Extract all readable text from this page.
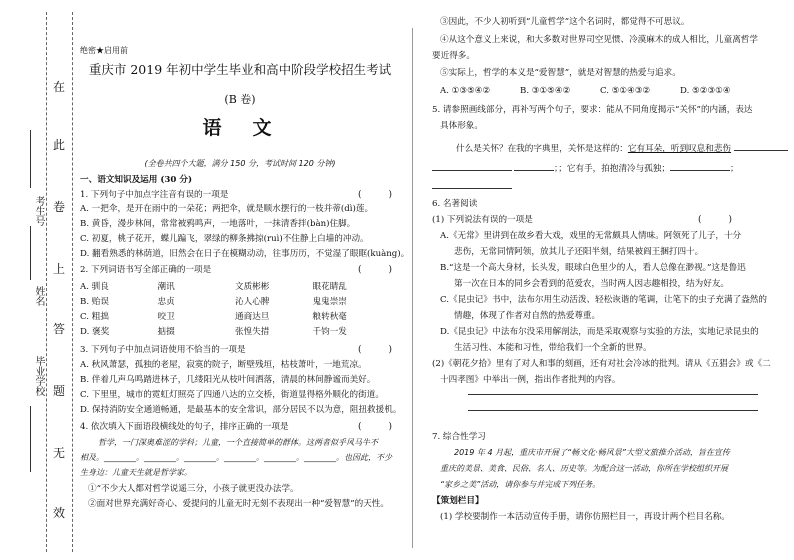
在
此
卷
上
答
题
无
效
考生号
姓名
毕业学校
绝密★启用前
重庆市 2019 年初中学生毕业和高中阶段学校招生考试
(B 卷)
语　文
(全卷共四个大题，满分 150 分，考试时间 120 分钟)
一、语文知识及运用 (30 分)
1. 下列句子中加点字注音有误的一项是	(　　　)
A. 一把伞，是开在雨中的一朵花；两把伞，就是顺水摆行的一枝并蒂(dì)莲。
B. 黄昏，漫步林间，常常被鸦鸣声，一地落叶，一抹清香拌(bàn)住脚。
C. 初夏，桃子花开，蝶儿蹁飞，翠绿的柳条拂掠(ruì)不住静上白墙的冲动。
D. 翻看熟悉的林荫道，旧然会在日子在模糊动动，往事历历，不觉湿了眼眶(kuàng)。
2. 下列词语书写全部正确的一项是	(　　　)
A. 驯良	潮讯	文质彬彬	眼花睛乱
B. 贻误	忠贞	沁人心脾	鬼鬼崇崇
C. 粗拙	咬卫	通商达旦	粮转秋毫
D. 褒奖	掂掇	张惶失措	千钧一发
3. 下列句子中加点词语使用不恰当的一项是	(　　　)
A. 秋风萧瑟，孤独的老屋，寂寞的院子，断壁残垣，枯枝萧叶，一地荒凉。
B. 伴着几声乌鸣踏进林子，几缕阳光从枝叶间洒落，清晨的林间静谧而美好。
C. 下里里，城市的霓虹灯照亮了四通八达的立交桥，街道显得格外顺化的街道。
D. 保持消防安全通道畅通，是最基本的安全常识，部分居民不以为意，阻扭救援机。
4. 依次填入下面语段横线处的句子，排序正确的一项是	(　　　)
哲学，一门深奥难涩的学科；儿童，一个直接简单的群体。这两者似乎风马牛不
相及。________。________。________。________。________。________。也因此，不少
生身边：儿童天生就是哲学家。
①“不少大人都对哲学说遥三分，小孩子就更没办法学。
②面对世界充满好奇心、爱提问的儿童无时无刻不表现出一种“爱智慧”的天性。
③因此，不少人初听到“儿童哲学”这个名词时，都觉得不可思议。
④从这个意义上来说，和大多数对世界司空见惯、冷漠麻木的成人相比，儿童离哲学
要近得多。
⑤实际上，哲学的本义是“爱智慧”，就是对智慧的热爱与追求。
A. ①③⑤④②	B. ③①⑤④②	C. ⑤①④③②	D. ⑤②③①④
5. 请参照画线部分，再补写两个句子，要求：能从不同角度揭示“关怀”的内涵，表达
具体形象。
什么是关怀？在我的字典里，关怀是这样的：它有耳朵，听到叹息和悲伤
；；它有手，拍抱清冷与孤独；	；
6. 名著阅读
(1) 下列说法有误的一项是	(　　　)
A.《无常》里讲到在故乡看大戏，戏里的无常颇具人情味。阿领死了儿子，十分
悲伤，无常同情阿领，放其儿子还阳半刻，结果被阎王捆打四十。
B.“这是一个高大身材，长头发，眼球白色里少的人，看人总像在渺视。”这是鲁迅
第一次在日本的同乡会看到的范爱农，当时两人因志趣相投，结为好友。
C.《昆虫记》书中，法布尔用生动活泼、轻松诙谐的笔调，让笔下的虫子充满了盎然的
情趣，体现了作者对自然的热爱尊重。
D.《昆虫记》中法布尔没采用解剖法，而是采取观察与实验的方法，实地记录昆虫的
生活习性、本能和习性，带给我们一个全新的世界。
(2)《朝花夕拾》里有了对人和事的刻画，还有对社会冷冰的批判。请从《五猖会》或《二
十四孝图》中举出一例，指出作者批判的内容。
7. 综合性学习
2019 年 4 月起，重庆市开展了“畅文化·畅风景”大型文旅推介活动，旨在宣传
重庆的美景、美食、民俗、名人、历史等。为配合这一活动，你所在学校组织开展
“家乡之美”活动，请你参与并完成下列任务。
【策划栏目】
(1) 学校要制作一本活动宣传手册，请你仿照栏目一，再设计两个栏目名称。
